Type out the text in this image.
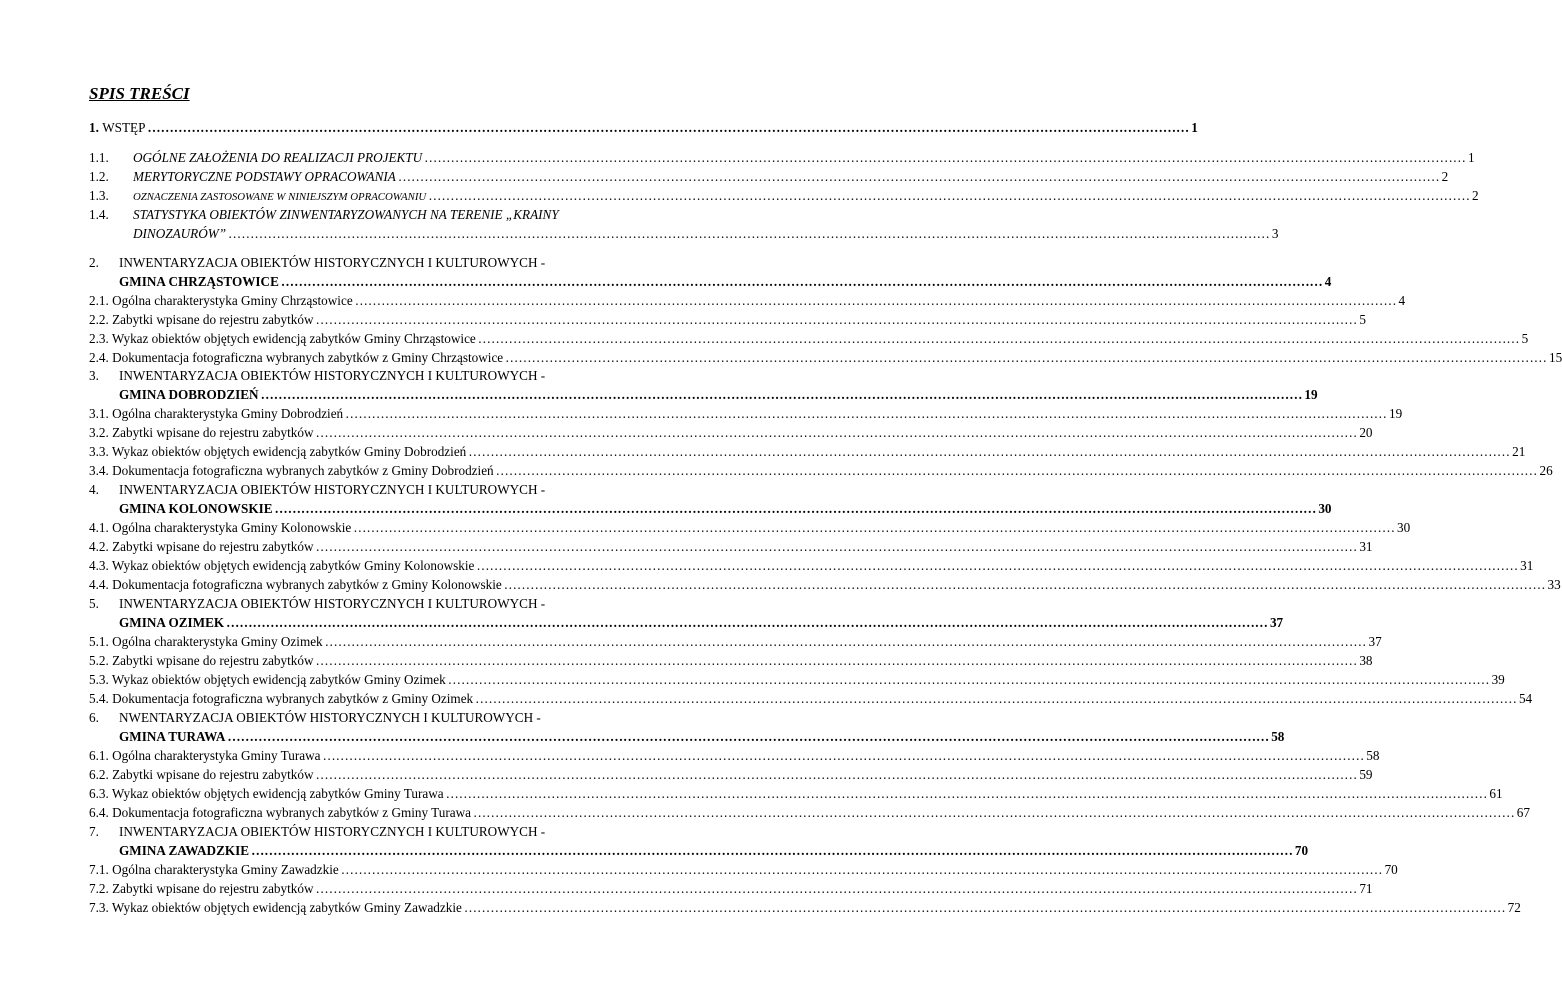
SPIS TREŚCI
1. WSTĘP …………………………………………………………………………………………………………………………………………………………………………………………………………………	1
1.1.	OGÓLNE ZAŁOŻENIA DO REALIZACJI PROJEKTU …………………………………………………………………………………………………………………………………………………………………………………………………………………	1
1.2.	MERYTORYCZNE PODSTAWY OPRACOWANIA …………………………………………………………………………………………………………………………………………………………………………………………………………………	2
1.3.	OZNACZENIA ZASTOSOWANE W NINIEJSZYM OPRACOWANIU …………………………………………………………………………………………………………………………………………………………………………………………………………………	2
1.4.	STATYSTYKA OBIEKTÓW ZINWENTARYZOWANYCH NA TERENIE „KRAINY
DINOZAURÓW” …………………………………………………………………………………………………………………………………………………………………………………………………………………	3
2.	INWENTARYZACJA OBIEKTÓW HISTORYCZNYCH I KULTUROWYCH -
GMINA CHRZĄSTOWICE …………………………………………………………………………………………………………………………………………………………………………………………………………………	4
2.1. Ogólna charakterystyka Gminy Chrząstowice …………………………………………………………………………………………………………………………………………………………………………………………………………………	4
2.2. Zabytki wpisane do rejestru zabytków …………………………………………………………………………………………………………………………………………………………………………………………………………………	5
2.3. Wykaz obiektów objętych ewidencją zabytków Gminy Chrząstowice …………………………………………………………………………………………………………………………………………………………………………………………………………………	5
2.4. Dokumentacja fotograficzna wybranych zabytków z Gminy Chrząstowice …………………………………………………………………………………………………………………………………………………………………………………………………………………	15
3.	INWENTARYZACJA OBIEKTÓW HISTORYCZNYCH I KULTUROWYCH -
GMINA DOBRODZIEŃ …………………………………………………………………………………………………………………………………………………………………………………………………………………	19
3.1. Ogólna charakterystyka Gminy Dobrodzień …………………………………………………………………………………………………………………………………………………………………………………………………………………	19
3.2. Zabytki wpisane do rejestru zabytków …………………………………………………………………………………………………………………………………………………………………………………………………………………	20
3.3. Wykaz obiektów objętych ewidencją zabytków Gminy Dobrodzień …………………………………………………………………………………………………………………………………………………………………………………………………………………	21
3.4. Dokumentacja fotograficzna wybranych zabytków z Gminy Dobrodzień …………………………………………………………………………………………………………………………………………………………………………………………………………………	26
4.	INWENTARYZACJA OBIEKTÓW HISTORYCZNYCH I KULTUROWYCH -
GMINA KOLONOWSKIE …………………………………………………………………………………………………………………………………………………………………………………………………………………	30
4.1. Ogólna charakterystyka Gminy Kolonowskie …………………………………………………………………………………………………………………………………………………………………………………………………………………	30
4.2. Zabytki wpisane do rejestru zabytków …………………………………………………………………………………………………………………………………………………………………………………………………………………	31
4.3. Wykaz obiektów objętych ewidencją zabytków Gminy Kolonowskie …………………………………………………………………………………………………………………………………………………………………………………………………………………	31
4.4. Dokumentacja fotograficzna wybranych zabytków z Gminy Kolonowskie …………………………………………………………………………………………………………………………………………………………………………………………………………………	33
5.	INWENTARYZACJA OBIEKTÓW HISTORYCZNYCH I KULTUROWYCH -
GMINA OZIMEK …………………………………………………………………………………………………………………………………………………………………………………………………………………	37
5.1. Ogólna charakterystyka Gminy Ozimek …………………………………………………………………………………………………………………………………………………………………………………………………………………	37
5.2. Zabytki wpisane do rejestru zabytków …………………………………………………………………………………………………………………………………………………………………………………………………………………	38
5.3. Wykaz obiektów objętych ewidencją zabytków Gminy Ozimek …………………………………………………………………………………………………………………………………………………………………………………………………………………	39
5.4. Dokumentacja fotograficzna wybranych zabytków z Gminy Ozimek …………………………………………………………………………………………………………………………………………………………………………………………………………………	54
6.	NWENTARYZACJA OBIEKTÓW HISTORYCZNYCH I KULTUROWYCH -
GMINA TURAWA …………………………………………………………………………………………………………………………………………………………………………………………………………………	58
6.1. Ogólna charakterystyka Gminy Turawa …………………………………………………………………………………………………………………………………………………………………………………………………………………	58
6.2. Zabytki wpisane do rejestru zabytków …………………………………………………………………………………………………………………………………………………………………………………………………………………	59
6.3. Wykaz obiektów objętych ewidencją zabytków Gminy Turawa …………………………………………………………………………………………………………………………………………………………………………………………………………………	61
6.4. Dokumentacja fotograficzna wybranych zabytków z Gminy Turawa …………………………………………………………………………………………………………………………………………………………………………………………………………………	67
7.	INWENTARYZACJA OBIEKTÓW HISTORYCZNYCH I KULTUROWYCH -
GMINA ZAWADZKIE …………………………………………………………………………………………………………………………………………………………………………………………………………………	70
7.1. Ogólna charakterystyka Gminy Zawadzkie …………………………………………………………………………………………………………………………………………………………………………………………………………………	70
7.2. Zabytki wpisane do rejestru zabytków …………………………………………………………………………………………………………………………………………………………………………………………………………………	71
7.3. Wykaz obiektów objętych ewidencją zabytków Gminy Zawadzkie …………………………………………………………………………………………………………………………………………………………………………………………………………………	72
